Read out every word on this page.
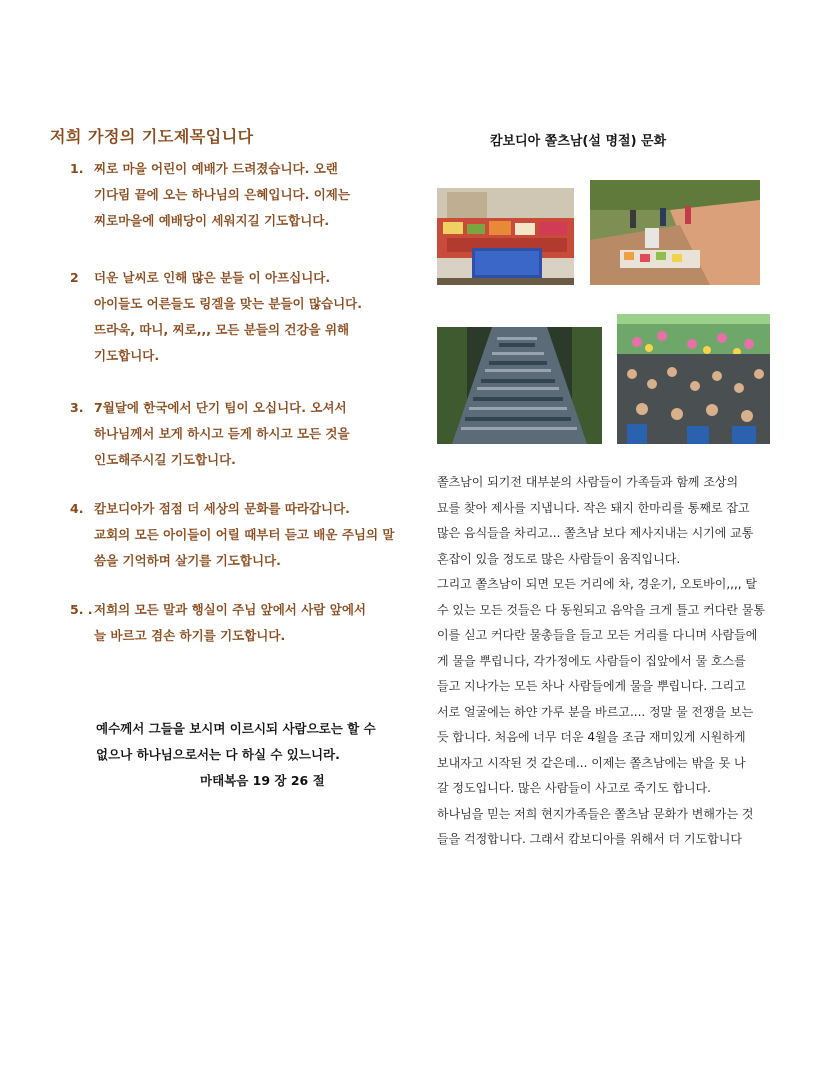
저희 가정의 기도제목입니다
1. 찌로 마을 어린이 예배가 드려졌습니다. 오랜
기다림 끝에 오는 하나님의 은혜입니다. 이제는
찌로마을에 예배당이 세워지길 기도합니다.
2	더운 날씨로 인해 많은 분들 이 아프십니다.
아이들도 어른들도 링겔을 맞는 분들이 많습니다.
뜨라욱, 따니, 찌로,,, 모든 분들의 건강을 위해
기도합니다.
3. 7월달에 한국에서 단기 팀이 오십니다. 오셔서
하나님께서 보게 하시고 듣게 하시고 모든 것을
인도해주시길 기도합니다.
4. 캄보디아가 점점 더 세상의 문화를 따라갑니다.
교회의 모든 아이들이 어릴 때부터 듣고 배운 주님의 말
씀을 기억하며 살기를 기도합니다.
5. . 저희의 모든 말과 행실이 주님 앞에서 사람 앞에서
늘 바르고 겸손 하기를 기도합니다.
예수께서 그들을 보시며 이르시되 사람으로는 할 수
없으나 하나님으로서는 다 하실 수 있느니라.
마태복음 19 장 26 절
캄보디아 쫄츠남(설 명절) 문화
쫄츠남이 되기전 대부분의 사람들이 가족들과 함께 조상의
묘를 찾아 제사를 지냅니다. 작은 돼지 한마리를 통째로 잡고
많은 음식들을 차리고... 쫄츠남 보다 제사지내는 시기에 교통
혼잡이 있을 정도로 많은 사람들이 움직입니다.
그리고 쫄츠남이 되면 모든 거리에 차, 경운기, 오토바이,,,, 탈
수 있는 모든 것들은 다 동원되고 음악을 크게 틀고 커다란 물통
이를 싣고 커다란 물총들을 들고 모든 거리를 다니며 사람들에
게 물을 뿌립니다, 각가정에도 사람들이 집앞에서 물 호스를
들고 지나가는 모든 차나 사람들에게 물을 뿌립니다. 그리고
서로 얼굴에는 하얀 가루 분을 바르고.... 정말 물 전쟁을 보는
듯 합니다. 처음에 너무 더운 4월을 조금 재미있게 시원하게
보내자고 시작된 것 같은데... 이제는 쫄츠남에는 밖을 못 나
갈 정도입니다. 많은 사람들이 사고로 죽기도 합니다.
하나님을 믿는 저희 현지가족들은 쫄츠남 문화가 변해가는 것
들을 걱정합니다. 그래서 캄보디아를 위해서 더 기도합니다
